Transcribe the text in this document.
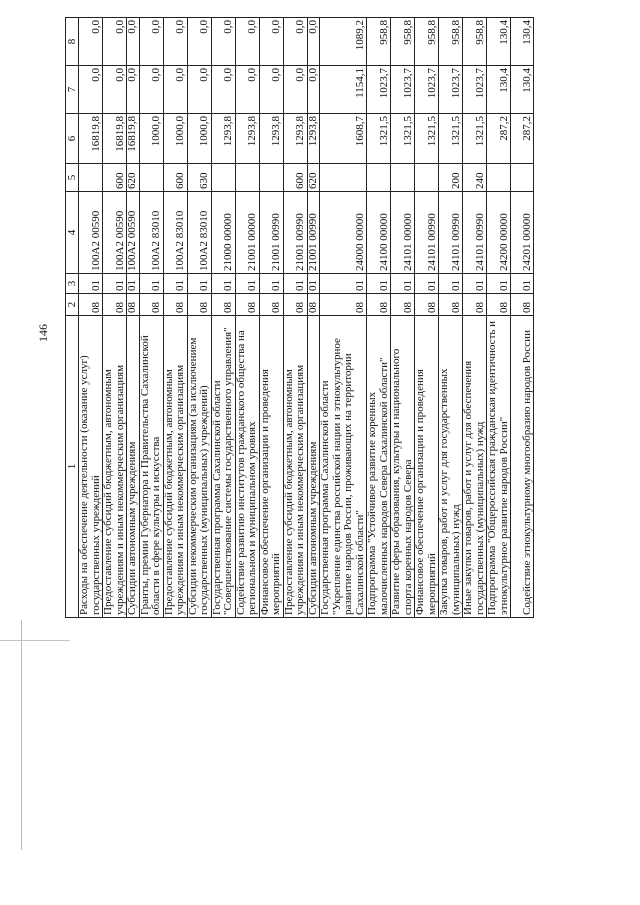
146
1	2	3	4	5	6	7	8
Расходы на обеспечение деятельности (оказание услуг) государственных учреждений	08	01	100А2 00590		16819,8	0,0	0,0
Предоставление субсидий бюджетным, автономным учреждениям и иным некоммерческим организациям	08	01	100А2 00590	600	16819,8	0,0	0,0
Субсидии автономным учреждениям	08	01	100А2 00590	620	16819,8	0,0	0,0
Гранты, премии Губернатора и Правительства Сахалинской области в сфере культуры и искусства	08	01	100А2 83010		1000,0	0,0	0,0
Предоставление субсидий бюджетным, автономным учреждениям и иным некоммерческим организациям	08	01	100А2 83010	600	1000,0	0,0	0,0
Субсидии некоммерческим организациям (за исключением государственных (муниципальных) учреждений)	08	01	100А2 83010	630	1000,0	0,0	0,0
Государственная программа Сахалинской области "Совершенствование системы государственного управления"	08	01	21000 00000		1293,8	0,0	0,0
Содействие развитию институтов гражданского общества на региональном и муниципальном уровнях	08	01	21001 00000		1293,8	0,0	0,0
Финансовое обеспечение организации и проведения мероприятий	08	01	21001 00990		1293,8	0,0	0,0
Предоставление субсидий бюджетным, автономным учреждениям и иным некоммерческим организациям	08	01	21001 00990	600	1293,8	0,0	0,0
Субсидии автономным учреждениям	08	01	21001 00990	620	1293,8	0,0	0,0
Государственная программа Сахалинской области "Укрепление единства российской нации и этнокультурное развитие народов России, проживающих на территории Сахалинской области"	08	01	24000 00000		1608,7	1154,1	1089,2
Подпрограмма "Устойчивое развитие коренных малочисленных народов Севера Сахалинской области"	08	01	24100 00000		1321,5	1023,7	958,8
Развитие сферы образования, культуры и национального спорта коренных народов Севера	08	01	24101 00000		1321,5	1023,7	958,8
Финансовое обеспечение организации и проведения мероприятий	08	01	24101 00990		1321,5	1023,7	958,8
Закупка товаров, работ и услуг для государственных (муниципальных) нужд	08	01	24101 00990	200	1321,5	1023,7	958,8
Иные закупки товаров, работ и услуг для обеспечения государственных (муниципальных) нужд	08	01	24101 00990	240	1321,5	1023,7	958,8
Подпрограмма "Общероссийская гражданская идентичность и этнокультурное развитие народов России"	08	01	24200 00000		287,2	130,4	130,4
Содействие этнокультурному многообразию народов России	08	01	24201 00000		287,2	130,4	130,4
